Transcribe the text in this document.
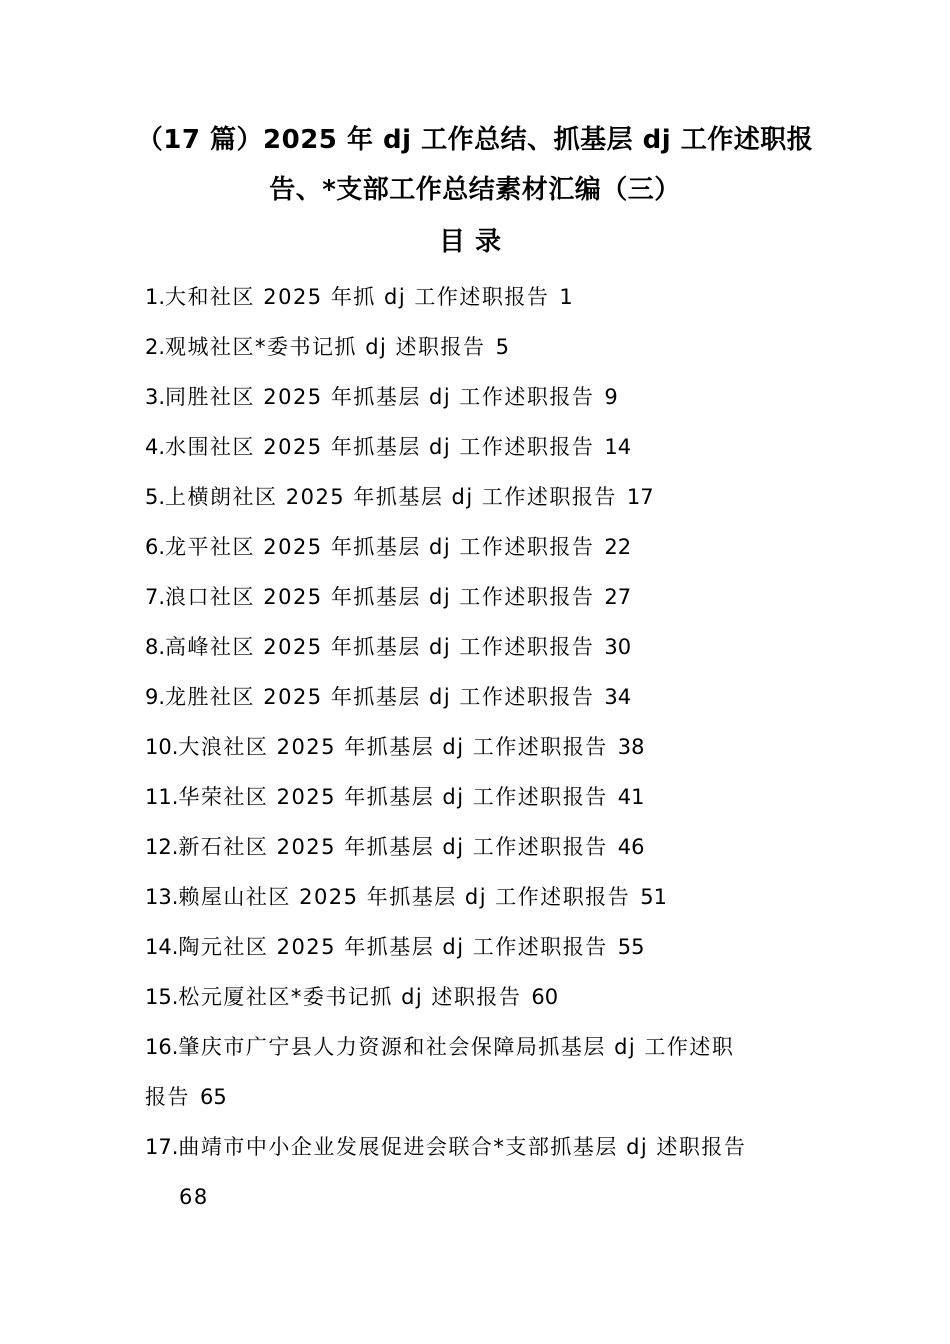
（17 篇）2025 年 dj 工作总结、抓基层 dj 工作述职报
告、*支部工作总结素材汇编（三）
目录
1.大和社区 2025 年抓 dj 工作述职报告 1
2.观城社区*委书记抓 dj 述职报告 5
3.同胜社区 2025 年抓基层 dj 工作述职报告 9
4.水围社区 2025 年抓基层 dj 工作述职报告 14
5.上横朗社区 2025 年抓基层 dj 工作述职报告 17
6.龙平社区 2025 年抓基层 dj 工作述职报告 22
7.浪口社区 2025 年抓基层 dj 工作述职报告 27
8.高峰社区 2025 年抓基层 dj 工作述职报告 30
9.龙胜社区 2025 年抓基层 dj 工作述职报告 34
10.大浪社区 2025 年抓基层 dj 工作述职报告 38
11.华荣社区 2025 年抓基层 dj 工作述职报告 41
12.新石社区 2025 年抓基层 dj 工作述职报告 46
13.赖屋山社区 2025 年抓基层 dj 工作述职报告 51
14.陶元社区 2025 年抓基层 dj 工作述职报告 55
15.松元厦社区*委书记抓 dj 述职报告 60
16.肇庆市广宁县人力资源和社会保障局抓基层 dj 工作述职
报告 65
17.曲靖市中小企业发展促进会联合*支部抓基层 dj 述职报告
68
